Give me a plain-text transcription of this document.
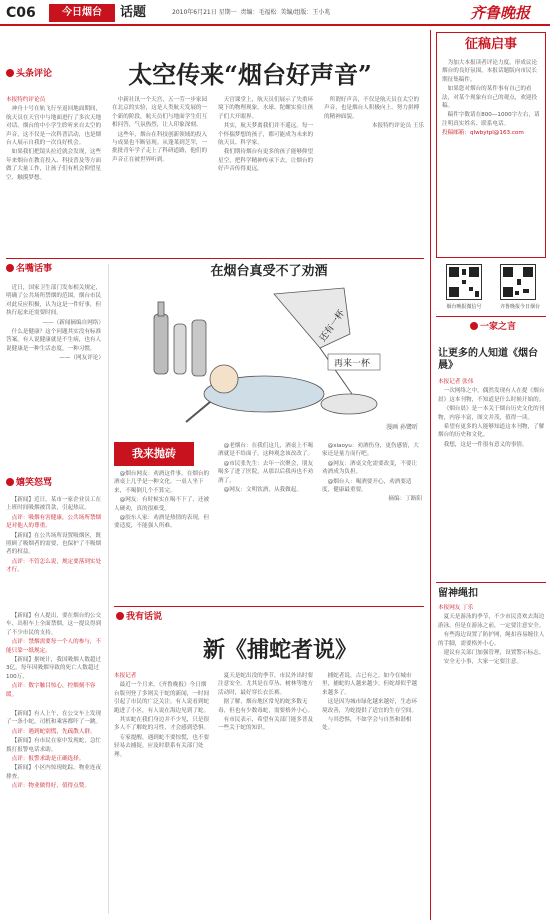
C06	今日烟台	话题	2010年6月21日 星期一 责编：毛福松 美编/组版：王小兆	齐鲁晚报
头条评论	太空传来“烟台好声音”

本报特约评论员

神舟十号在轨飞行至返回地面期间，航天员在天宫中与地面进行了多次天地对话。烟台的中小学生聆听来自太空的声音，这不仅是一次科普活动，也是烟台人展示自我的一次良好机会。

如果我们把镜头拉近就会发现，这些年来烟台在教育投入、科技普及等方面做了大量工作，让孩子们有机会仰望星空、触摸梦想。

中新社讯一个天宫，五一劳一步家园在北京的实验，这是人类航天发展的一个新的阶段，航天员们与地面学生们互相问答，气氛热烈，让人印象深刻。

这些年，烟台在科技创新领域的投入与成果也不断显现。从蓬莱到芝罘，一批批青年学子走上了科研道路，他们的声音正在被世界听到。

天宫课堂上，航天员们展示了失重环境下的物理现象，水球、陀螺实验让孩子们大开眼界。

其实，航天梦离我们并不遥远。每一个怀揣梦想的孩子，都可能成为未来的航天员、科学家。

我们期待烟台有更多的孩子能够仰望星空，把科学精神传承下去，让烟台的好声音传得更远。

所谓好声音，不仅是航天员在太空的声音，也是烟台人积极向上、努力拼搏的精神面貌。

本报特约评论员 王乐

名嘴话事

近日，国家卫生部门发布相关规定，明确了公共场所禁烟的范围。烟台市民对此反应积极，认为这是一件好事，但执行起来还需要时间。

——（新闻摘编自网络）

什么是健康？这个问题其实没有标准答案。有人说健康就是不生病，也有人说健康是一种生活态度，一种习惯。

——（网友评论）

嬉笑怒骂

【新闻】近日，某市一家企业员工在上班时间吸烟被罚款，引起热议。

点评：吸烟有害健康，公共场所禁烟是对他人的尊重。

【新闻】在公共场所设置吸烟区，既照顾了吸烟者的需要，也保护了不吸烟者的权益。

点评：不管怎么说，规定要落到实处才行。

【新闻】有人提出，要在烟台的公交车、出租车上全面禁烟，这一提议得到了不少市民的支持。

点评：禁烟需要每一个人的参与，不能只靠一纸规定。

【新闻】据统计，我国吸烟人数超过3亿，每年因吸烟导致的死亡人数超过100万。

点评：数字触目惊心，控烟刻不容缓。

【新闻】有人上午，在公交车上发现了一条小蛇，司机和乘客都吓了一跳。

点评：遇到蛇别慌，先疏散人群。

【新闻】有市民在家中发现蛇，急忙拨打报警电话求助。

点评：报警求助是正确选择。

【新闻】小区内惊现蛇踪，物业连夜排查。

点评：物业做得好，值得点赞。

在烟台真受不了劝酒
还有一杯
再来一杯
漫画 孙鹭昕
我来抛砖

@烟台网友：劝酒这件事，在烟台的酒桌上几乎是一种文化。一桌人坐下来，不喝倒几个不算完。

@网友：有时候实在喝不下了，还被人硬劝，真的很难受。

@胶东人家：劝酒是热情的表现，但要适度，不能强人所难。

@老烟台：在我们这儿，酒桌上不喝酒就是不给面子，这种观念该改改了。

@市民张先生：去年一次聚会，朋友喝多了进了医院，从那以后我再也不劝酒了。

@网友：文明饮酒，从我做起。

@xiaoyu：劝酒伤身，更伤感情，大家还是量力而行吧。

@网友：酒桌文化需要改变，不要让劝酒成为负担。

@烟台人：喝酒要开心，劝酒要适度，健康最重要。

摘编：丁路阳

我有话说
新《捕蛇者说》

本报记者

最近一个月来，《齐鲁晚报》今日烟台版刊登了多则关于蛇的新闻，一时间引起了市民的广泛关注。有人说看到蛇跑进了小区，有人说在海边见到了蛇。

其实蛇在我们身边并不少见，只是很多人不了解蛇的习性，才会感到恐惧。

专家提醒，遇到蛇不要惊慌，也不要轻易去捕捉，应及时联系有关部门处理。

夏天是蛇出没的季节，市民外出时要注意安全。尤其是在草丛、树林等地方活动时，最好穿长衣长裤。

据了解，烟台地区常见的蛇多数无毒，但也有少数毒蛇，需要格外小心。

有市民表示，希望有关部门能多普及一些关于蛇的知识。

捕蛇者说，古已有之。如今在城市里，捕蛇的人越来越少，但蛇却似乎越来越多了。

这是因为城市绿化越来越好，生态环境改善，为蛇提供了适宜的生存空间。

与其恐惧，不如学会与自然和谐相处。

征稿启事

为加大本报读者评论力度，形成议论烟台的良好氛围，本报话题版向市民长期征集稿件。

如果您对烟台的某件事有自己的看法，对某个现象有自己的观点，欢迎投稿。

稿件字数请在800—1000字左右，请注明真实姓名、联系电话。

投稿邮箱：qlwbytpl@163.com

烟台晚报微信号	齐鲁晚报今日烟台
一家之言
让更多的人知道《烟台晨》

本报记者 张伟

一次网络之中，偶然发现有人在提《烟台晨》这本刊物，不知道是什么时候开始的。

《烟台晨》是一本关于烟台历史文化的刊物，内容丰富，图文并茂，值得一读。

希望有更多的人能够知道这本刊物，了解烟台的历史和文化。

我想，这是一件很有意义的事情。

留神绳扣

本报网友 丁乐

夏天是游泳的季节，不少市民喜欢去海边游泳。但是在游泳之前，一定要注意安全。

有些海边设置了防护网，绳扣容易缠住人的手脚，需要格外小心。

建议有关部门加强管理，设置警示标志。

安全无小事，大家一定要注意。
